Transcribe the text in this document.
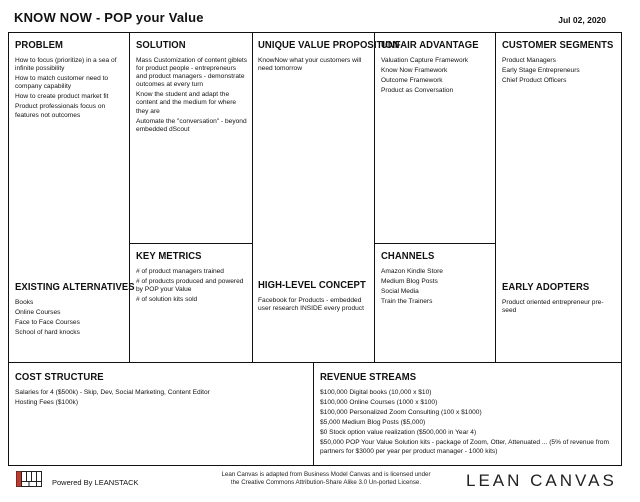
KNOW NOW - POP your Value	Jul 02, 2020
PROBLEM
How to focus (prioritize) in a sea of infinite possibility
How to match customer need to company capability
How to create product market fit
Product professionals focus on features not outcomes
EXISTING ALTERNATIVES
Books
Online Courses
Face to Face Courses
School of hard knocks
SOLUTION
Mass Customization of content giblets for product people - entrepreneurs and product managers - demonstrate outcomes at every turn
Know the student and adapt the content and the medium for where they are
Automate the "conversation" - beyond embedded dScout
KEY METRICS
# of product managers trained
# of products produced and powered by POP your Value
# of solution kits sold
UNIQUE VALUE PROPOSITION
KnowNow what your customers will need tomorrow
HIGH-LEVEL CONCEPT
Facebook for Products - embedded user research INSIDE every product
UNFAIR ADVANTAGE
Valuation Capture Framework
Know Now Framework
Outcome Framework
Product as Conversation
CHANNELS
Amazon Kindle Store
Medium Blog Posts
Social Media
Train the Trainers
CUSTOMER SEGMENTS
Product Managers
Early Stage Entrepreneurs
Chief Product Officers
EARLY ADOPTERS
Product oriented entrepreneur pre-seed
COST STRUCTURE
Salaries for 4 ($500k) - Skip, Dev, Social Marketing, Content Editor
Hosting Fees ($100k)
REVENUE STREAMS
$100,000 Digital books (10,000 x $10)
$100,000 Online Courses (1000 x $100)
$100,000 Personalized Zoom Consulting (100 x $1000)
$5,000 Medium Blog Posts ($5,000)
$0 Stock option value realization ($500,000 in Year 4)
$50,000 POP Your Value Solution kits - package of Zoom, Otter, Attenuated ... (5% of revenue from partners for $3000 per year per product manager - 1000 kits)
Powered By LEANSTACK
Lean Canvas is adapted from Business Model Canvas and is licensed under
the Creative Commons Attribution-Share Alike 3.0 Un-ported License.	LEAN CANVAS
